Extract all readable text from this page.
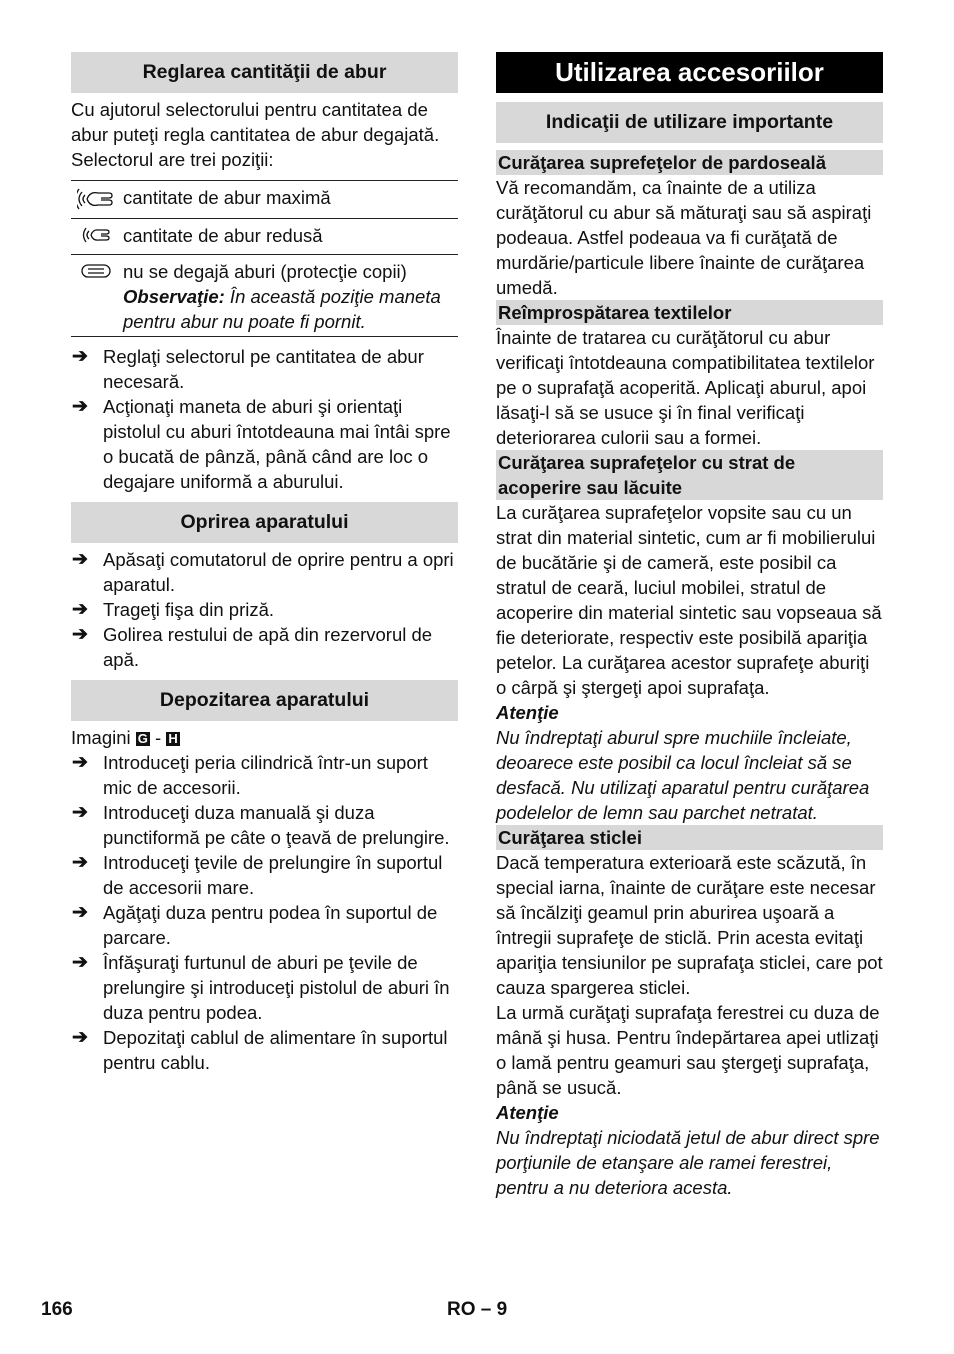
Reglarea cantităţii de abur

Cu ajutorul selectorului pentru cantitatea de abur puteţi regla cantitatea de abur degajată. Selectorul are trei poziţii:

cantitate de abur maximă
cantitate de abur redusă
nu se degajă aburi (protecţie copii)
Observaţie: În această poziţie maneta pentru abur nu poate fi pornit.
➔ Reglaţi selectorul pe cantitatea de abur necesară.
➔ Acţionaţi maneta de aburi şi orientaţi pistolul cu aburi întotdeauna mai întâi spre o bucată de pânză, până când are loc o degajare uniformă a aburului.
Oprirea aparatului
➔ Apăsaţi comutatorul de oprire pentru a opri aparatul.
➔ Trageţi fişa din priză.
➔ Golirea restului de apă din rezervorul de apă.
Depozitarea aparatului

Imagini G - H

➔ Introduceţi peria cilindrică într-un suport mic de accesorii.
➔ Introduceţi duza manuală şi duza punctiformă pe câte o ţeavă de prelungire.
➔ Introduceţi ţevile de prelungire în suportul de accesorii mare.
➔ Agăţaţi duza pentru podea în suportul de parcare.
➔ Înfăşuraţi furtunul de aburi pe ţevile de prelungire şi introduceţi pistolul de aburi în duza pentru podea.
➔ Depozitaţi cablul de alimentare în suportul pentru cablu.
Utilizarea accesoriilor
Indicaţii de utilizare importante
Curăţarea suprefeţelor de pardoseală

Vă recomandăm, ca înainte de a utiliza curăţătorul cu abur să măturaţi sau să aspiraţi podeaua. Astfel podeaua va fi curăţată de murdărie/particule libere înainte de curăţarea umedă.

Reîmprospătarea textilelor

Înainte de tratarea cu curăţătorul cu abur verificaţi întotdeauna compatibilitatea textilelor pe o suprafaţă acoperită. Aplicaţi aburul, apoi lăsaţi-l să se usuce şi în final verificaţi deteriorarea culorii sau a formei.

Curăţarea suprafeţelor cu strat de acoperire sau lăcuite

La curăţarea suprafeţelor vopsite sau cu un strat din material sintetic, cum ar fi mobilierului de bucătărie şi de cameră, este posibil ca stratul de ceară, luciul mobilei, stratul de acoperire din material sintetic sau vopseaua să fie deteriorate, respectiv este posibilă apariţia petelor. La curăţarea acestor suprafeţe aburiţi o cârpă şi ştergeţi apoi suprafaţa.

Atenţie

Nu îndreptaţi aburul spre muchiile încleiate, deoarece este posibil ca locul încleiat să se desfacă. Nu utilizaţi aparatul pentru curăţarea podelelor de lemn sau parchet netratat.

Curăţarea sticlei

Dacă temperatura exterioară este scăzută, în special iarna, înainte de curăţare este necesar să încălziţi geamul prin aburirea uşoară a întregii suprafeţe de sticlă. Prin acesta evitaţi apariţia tensiunilor pe suprafaţa sticlei, care pot cauza spargerea sticlei.

La urmă curăţaţi suprafaţa ferestrei cu duza de mână şi husa. Pentru îndepărtarea apei utlizaţi o lamă pentru geamuri sau ştergeţi suprafaţa, până se usucă.

Atenţie

Nu îndreptaţi niciodată jetul de abur direct spre porţiunile de etanşare ale ramei ferestrei, pentru a nu deteriora acesta.

166	RO – 9
